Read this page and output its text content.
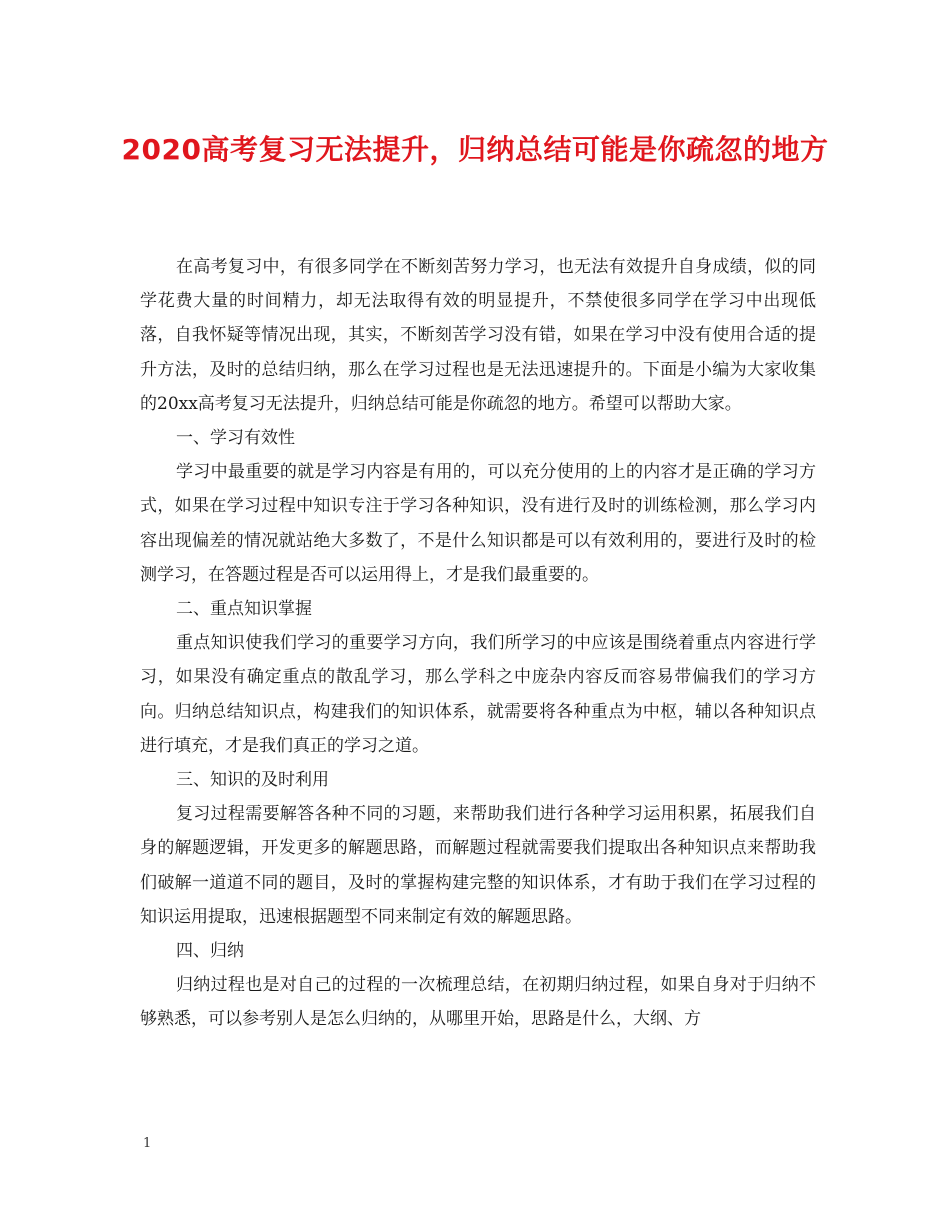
2020高考复习无法提升，归纳总结可能是你疏忽的地方

在高考复习中，有很多同学在不断刻苦努力学习，也无法有效提升自身成绩，似的同学花费大量的时间精力，却无法取得有效的明显提升，不禁使很多同学在学习中出现低落，自我怀疑等情况出现，其实，不断刻苦学习没有错，如果在学习中没有使用合适的提升方法，及时的总结归纳，那么在学习过程也是无法迅速提升的。下面是小编为大家收集的20xx高考复习无法提升，归纳总结可能是你疏忽的地方。希望可以帮助大家。

一、学习有效性

学习中最重要的就是学习内容是有用的，可以充分使用的上的内容才是正确的学习方式，如果在学习过程中知识专注于学习各种知识，没有进行及时的训练检测，那么学习内容出现偏差的情况就站绝大多数了，不是什么知识都是可以有效利用的，要进行及时的检测学习，在答题过程是否可以运用得上，才是我们最重要的。

二、重点知识掌握

重点知识使我们学习的重要学习方向，我们所学习的中应该是围绕着重点内容进行学习，如果没有确定重点的散乱学习，那么学科之中庞杂内容反而容易带偏我们的学习方向。归纳总结知识点，构建我们的知识体系，就需要将各种重点为中枢，辅以各种知识点进行填充，才是我们真正的学习之道。

三、知识的及时利用

复习过程需要解答各种不同的习题，来帮助我们进行各种学习运用积累，拓展我们自身的解题逻辑，开发更多的解题思路，而解题过程就需要我们提取出各种知识点来帮助我们破解一道道不同的题目，及时的掌握构建完整的知识体系，才有助于我们在学习过程的知识运用提取，迅速根据题型不同来制定有效的解题思路。

四、归纳

归纳过程也是对自己的过程的一次梳理总结，在初期归纳过程，如果自身对于归纳不够熟悉，可以参考别人是怎么归纳的，从哪里开始，思路是什么，大纲、方

1
